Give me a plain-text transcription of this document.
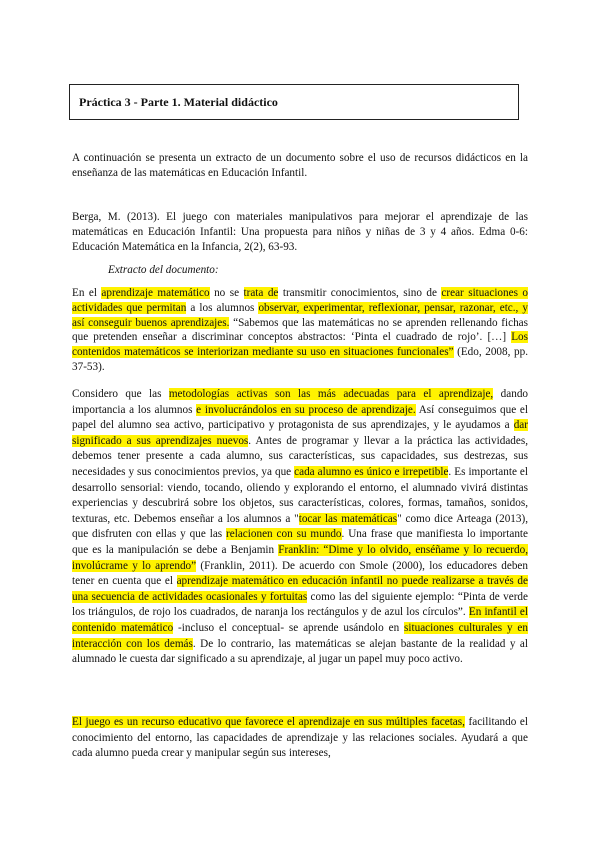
Práctica 3 - Parte 1. Material didáctico

A continuación se presenta un extracto de un documento sobre el uso de recursos didácticos en la enseñanza de las matemáticas en Educación Infantil.

Berga, M. (2013). El juego con materiales manipulativos para mejorar el aprendizaje de las matemáticas en Educación Infantil: Una propuesta para niños y niñas de 3 y 4 años. Edma 0-6: Educación Matemática en la Infancia, 2(2), 63-93.

Extracto del documento:

En el aprendizaje matemático no se trata de transmitir conocimientos, sino de crear situaciones o actividades que permitan a los alumnos observar, experimentar, reflexionar, pensar, razonar, etc., y así conseguir buenos aprendizajes. “Sabemos que las matemáticas no se aprenden rellenando fichas que pretenden enseñar a discriminar conceptos abstractos: ‘Pinta el cuadrado de rojo’. […] Los contenidos matemáticos se interiorizan mediante su uso en situaciones funcionales” (Edo, 2008, pp. 37-53).

Considero que las metodologías activas son las más adecuadas para el aprendizaje, dando importancia a los alumnos e involucrándolos en su proceso de aprendizaje. Así conseguimos que el papel del alumno sea activo, participativo y protagonista de sus aprendizajes, y le ayudamos a dar significado a sus aprendizajes nuevos. Antes de programar y llevar a la práctica las actividades, debemos tener presente a cada alumno, sus características, sus capacidades, sus destrezas, sus necesidades y sus conocimientos previos, ya que cada alumno es único e irrepetible. Es importante el desarrollo sensorial: viendo, tocando, oliendo y explorando el entorno, el alumnado vivirá distintas experiencias y descubrirá sobre los objetos, sus características, colores, formas, tamaños, sonidos, texturas, etc. Debemos enseñar a los alumnos a "tocar las matemáticas" como dice Arteaga (2013), que disfruten con ellas y que las relacionen con su mundo. Una frase que manifiesta lo importante que es la manipulación se debe a Benjamin Franklin: “Dime y lo olvido, enséñame y lo recuerdo, involúcrame y lo aprendo” (Franklin, 2011). De acuerdo con Smole (2000), los educadores deben tener en cuenta que el aprendizaje matemático en educación infantil no puede realizarse a través de una secuencia de actividades ocasionales y fortuitas como las del siguiente ejemplo: “Pinta de verde los triángulos, de rojo los cuadrados, de naranja los rectángulos y de azul los círculos”. En infantil el contenido matemático -incluso el conceptual- se aprende usándolo en situaciones culturales y en interacción con los demás. De lo contrario, las matemáticas se alejan bastante de la realidad y al alumnado le cuesta dar significado a su aprendizaje, al jugar un papel muy poco activo.

El juego es un recurso educativo que favorece el aprendizaje en sus múltiples facetas, facilitando el conocimiento del entorno, las capacidades de aprendizaje y las relaciones sociales. Ayudará a que cada alumno pueda crear y manipular según sus intereses,
